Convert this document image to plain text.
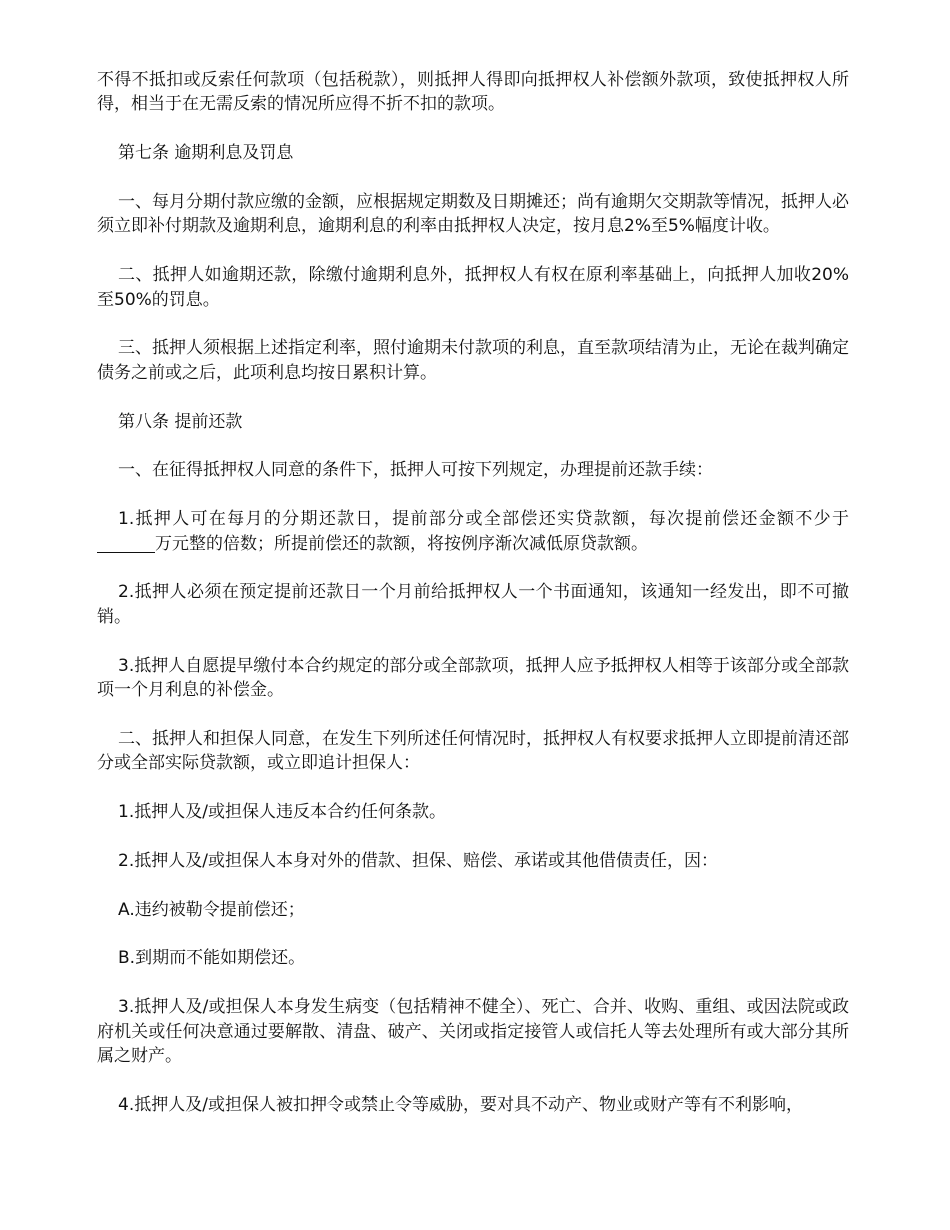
不得不抵扣或反索任何款项（包括税款），则抵押人得即向抵押权人补偿额外款项，致使抵押权人所得，相当于在无需反索的情况所应得不折不扣的款项。

第七条 逾期利息及罚息

一、每月分期付款应缴的金额，应根据规定期数及日期摊还；尚有逾期欠交期款等情况，抵押人必须立即补付期款及逾期利息，逾期利息的利率由抵押权人决定，按月息2%至5%幅度计收。

二、抵押人如逾期还款，除缴付逾期利息外，抵押权人有权在原利率基础上，向抵押人加收20%至50%的罚息。

三、抵押人须根据上述指定利率，照付逾期未付款项的利息，直至款项结清为止，无论在裁判确定债务之前或之后，此项利息均按日累积计算。

第八条 提前还款

一、在征得抵押权人同意的条件下，抵押人可按下列规定，办理提前还款手续：

1.抵押人可在每月的分期还款日，提前部分或全部偿还实贷款额，每次提前偿还金额不少于万元整的倍数；所提前偿还的款额，将按例序渐次减低原贷款额。

2.抵押人必须在预定提前还款日一个月前给抵押权人一个书面通知，该通知一经发出，即不可撤销。

3.抵押人自愿提早缴付本合约规定的部分或全部款项，抵押人应予抵押权人相等于该部分或全部款项一个月利息的补偿金。

二、抵押人和担保人同意，在发生下列所述任何情况时，抵押权人有权要求抵押人立即提前清还部分或全部实际贷款额，或立即追计担保人：

1.抵押人及/或担保人违反本合约任何条款。

2.抵押人及/或担保人本身对外的借款、担保、赔偿、承诺或其他借债责任，因：

A.违约被勒令提前偿还；

B.到期而不能如期偿还。

3.抵押人及/或担保人本身发生病变（包括精神不健全）、死亡、合并、收购、重组、或因法院或政府机关或任何决意通过要解散、清盘、破产、关闭或指定接管人或信托人等去处理所有或大部分其所属之财产。

4.抵押人及/或担保人被扣押令或禁止令等威胁，要对具不动产、物业或财产等有不利影响，
